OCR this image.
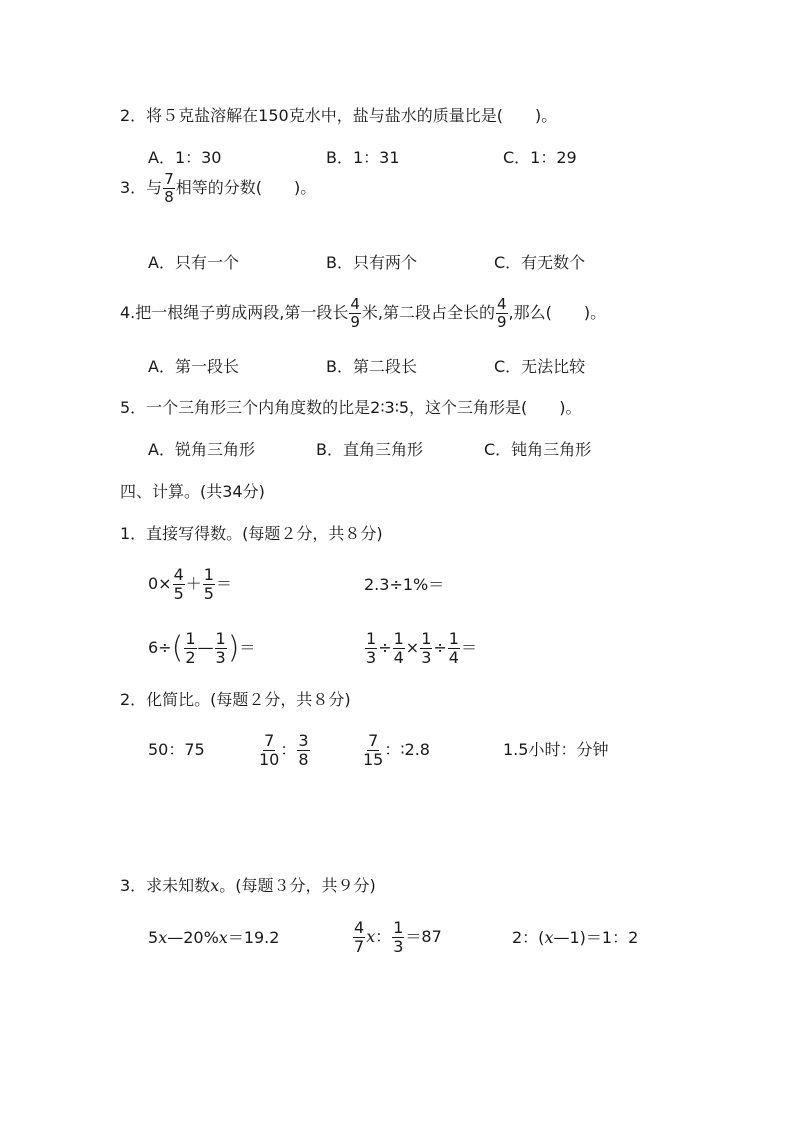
2．将５克盐溶解在150克水中，盐与盐水的质量比是(　　)。
A．1：30	B．1：31	C．1：29
3．与 $\frac{7}{8}$ 相等的分数(　　)。
A．只有一个	B．只有两个	C．有无数个
4.把一根绳子剪成两段,第一段长 $\frac{4}{9}$ 米,第二段占全长的 $\frac{4}{9}$ ,那么(　　)。
A．第一段长	B．第二段长	C．无法比较
5．一个三角形三个内角度数的比是2∶3∶5，这个三角形是(　　)。
A．锐角三角形	B．直角三角形	C．钝角三角形
四、计算。(共34分)
1．直接写得数。(每题２分，共８分)
$0\times \frac{4}{5} + \frac{1}{5}$ ＝	2.3÷1%＝
$6\div( \frac{1}{2}$ — $\frac{1}{3}$ )＝	$\frac{1}{3} \div \frac{1}{4} \times \frac{1}{3} \div \frac{1}{4}$ ＝
2．化简比。(每题２分，共８分)
50：75	$\frac{7}{10}$ ： $\frac{3}{8}$	$\frac{7}{15}$ ：∶2.8	1.5小时：分钟
3．求未知数x。(每题３分，共９分)
5x—20%x＝19.2	$\frac{4}{7}$ x： $\frac{1}{3} =87$	2：(x—1)＝1：2
